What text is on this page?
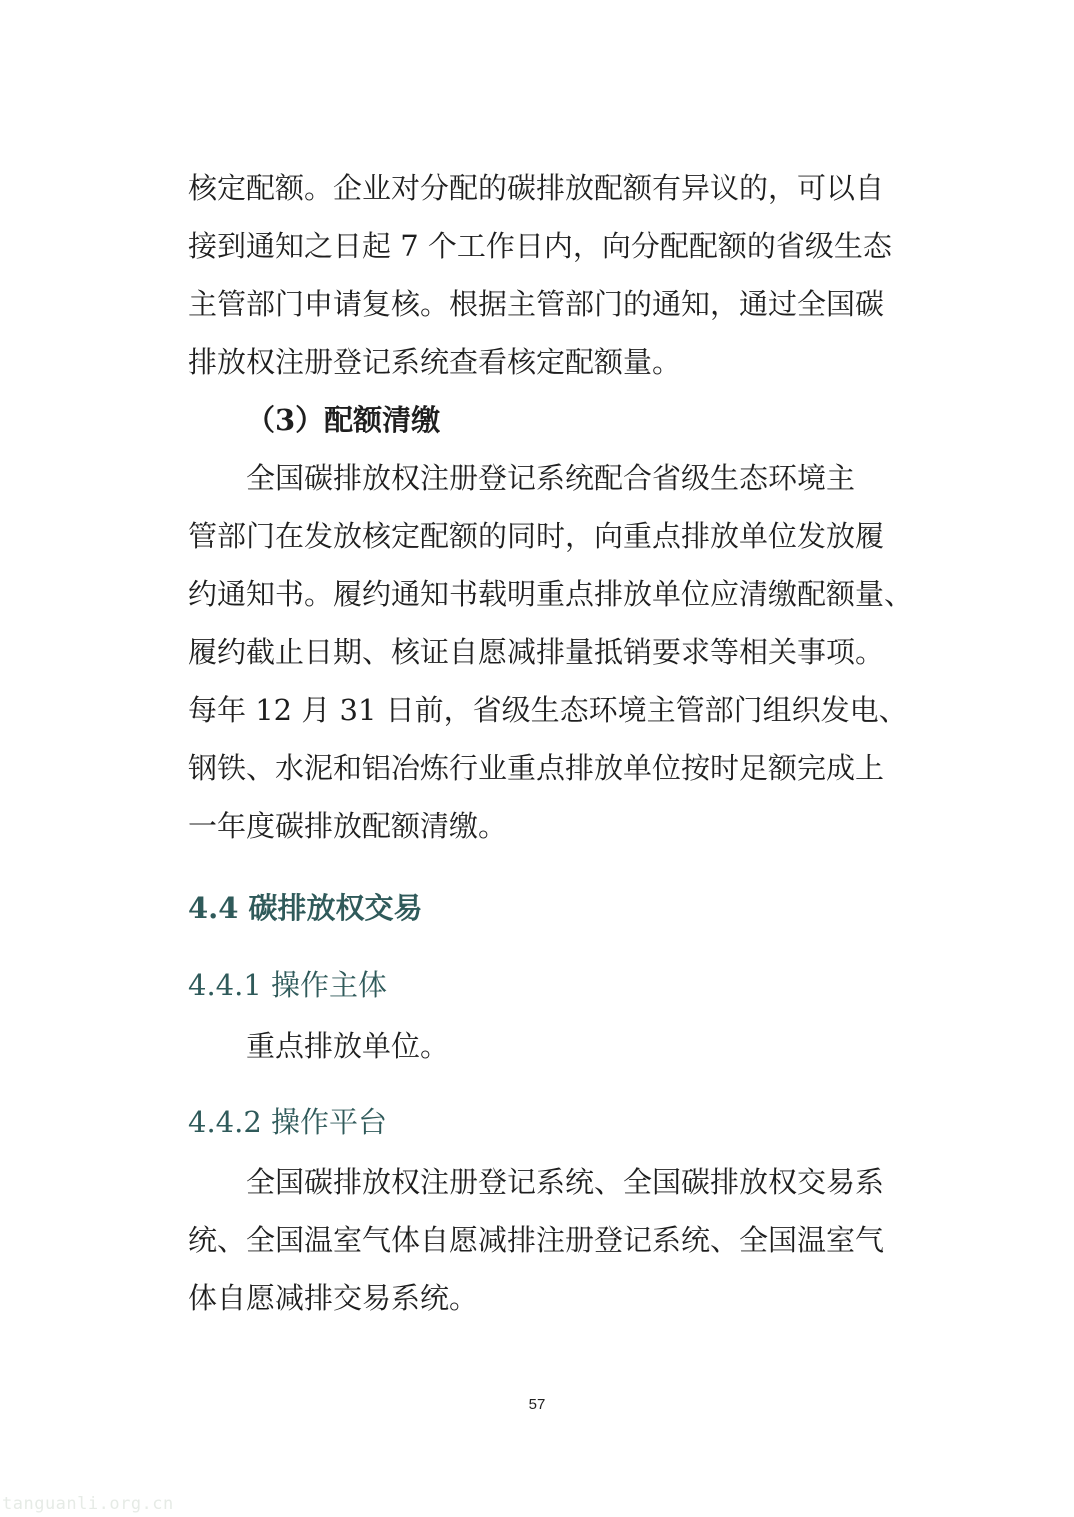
核定配额。企业对分配的碳排放配额有异议的，可以自
接到通知之日起 7 个工作日内，向分配配额的省级生态
主管部门申请复核。根据主管部门的通知，通过全国碳
排放权注册登记系统查看核定配额量。
（3）配额清缴
全国碳排放权注册登记系统配合省级生态环境主
管部门在发放核定配额的同时，向重点排放单位发放履
约通知书。履约通知书载明重点排放单位应清缴配额量、
履约截止日期、核证自愿减排量抵销要求等相关事项。
每年 12 月 31 日前，省级生态环境主管部门组织发电、
钢铁、水泥和铝冶炼行业重点排放单位按时足额完成上
一年度碳排放配额清缴。
4.4 碳排放权交易
4.4.1 操作主体
重点排放单位。
4.4.2 操作平台
全国碳排放权注册登记系统、全国碳排放权交易系
统、全国温室气体自愿减排注册登记系统、全国温室气
体自愿减排交易系统。
57
tanguanli.org.cn
